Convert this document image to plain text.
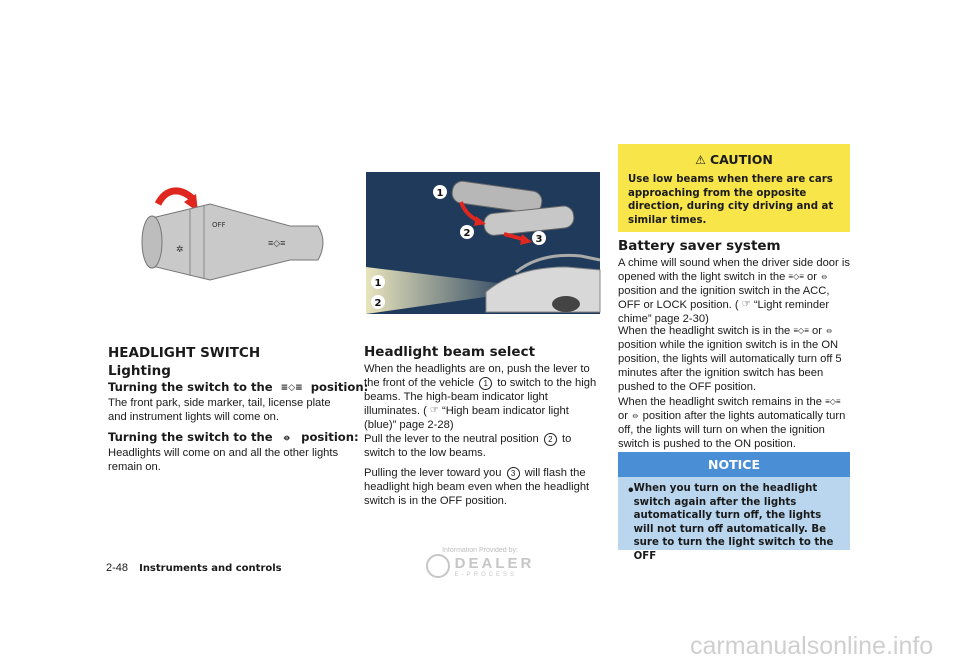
OFF
≡◇≡
✲
HEADLIGHT SWITCH
Lighting
Turning the switch to the ≡◇≡ position:
The front park, side marker, tail, license plate and instrument lights will come on.
Turning the switch to the ⦵ position:
Headlights will come on and all the other lights remain on.
1
2
3
1
2
Headlight beam select
When the headlights are on, push the lever to the front of the vehicle 1 to switch to the high beams. The high-beam indicator light illuminates. ( ☞ “High beam indicator light (blue)” page 2-28)
Pull the lever to the neutral position 2 to switch to the low beams.
Pulling the lever toward you 3 will flash the headlight high beam even when the headlight switch is in the OFF position.
⚠ CAUTION
Use low beams when there are cars approaching from the opposite direction, during city driving and at similar times.
Battery saver system
A chime will sound when the driver side door is opened with the light switch in the ≡◇≡ or ⦵ position and the ignition switch in the ACC, OFF or LOCK position. ( ☞ “Light reminder chime” page 2-30)
When the headlight switch is in the ≡◇≡ or ⦵ position while the ignition switch is in the ON position, the lights will automatically turn off 5 minutes after the ignition switch has been pushed to the OFF position.
When the headlight switch remains in the ≡◇≡ or ⦵ position after the lights automatically turn off, the lights will turn on when the ignition switch is pushed to the ON position.
NOTICE
• When you turn on the headlight switch again after the lights automatically turn off, the lights will not turn off automatically. Be sure to turn the light switch to the OFF
2-48 Instruments and controls
Information Provided by:
DEALER
E-PROCESS
carmanualsonline.info
